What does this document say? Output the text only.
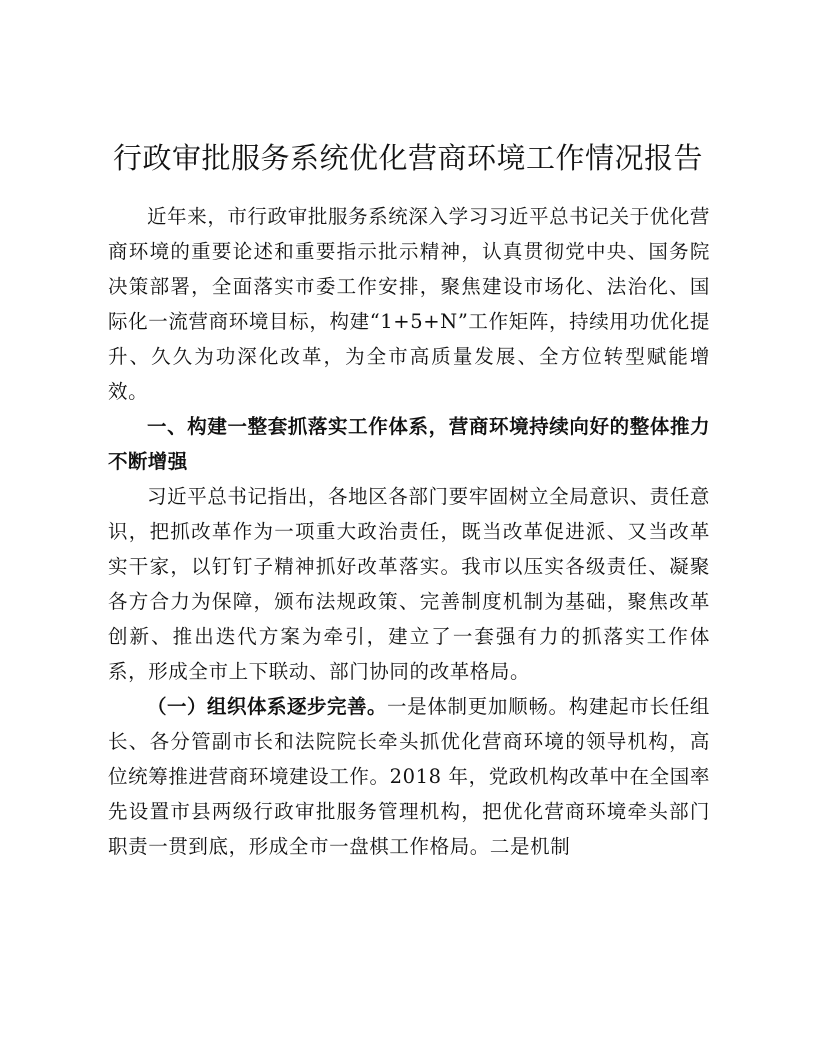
行政审批服务系统优化营商环境工作情况报告

近年来，市行政审批服务系统深入学习习近平总书记关于优化营商环境的重要论述和重要指示批示精神，认真贯彻党中央、国务院决策部署，全面落实市委工作安排，聚焦建设市场化、法治化、国际化一流营商环境目标，构建“1+5+N”工作矩阵，持续用功优化提升、久久为功深化改革，为全市高质量发展、全方位转型赋能增效。

一、构建一整套抓落实工作体系，营商环境持续向好的整体推力不断增强

习近平总书记指出，各地区各部门要牢固树立全局意识、责任意识，把抓改革作为一项重大政治责任，既当改革促进派、又当改革实干家，以钉钉子精神抓好改革落实。我市以压实各级责任、凝聚各方合力为保障，颁布法规政策、完善制度机制为基础，聚焦改革创新、推出迭代方案为牵引，建立了一套强有力的抓落实工作体系，形成全市上下联动、部门协同的改革格局。

（一）组织体系逐步完善。一是体制更加顺畅。构建起市长任组长、各分管副市长和法院院长牵头抓优化营商环境的领导机构，高位统筹推进营商环境建设工作。2018 年，党政机构改革中在全国率先设置市县两级行政审批服务管理机构，把优化营商环境牵头部门职责一贯到底，形成全市一盘棋工作格局。二是机制
